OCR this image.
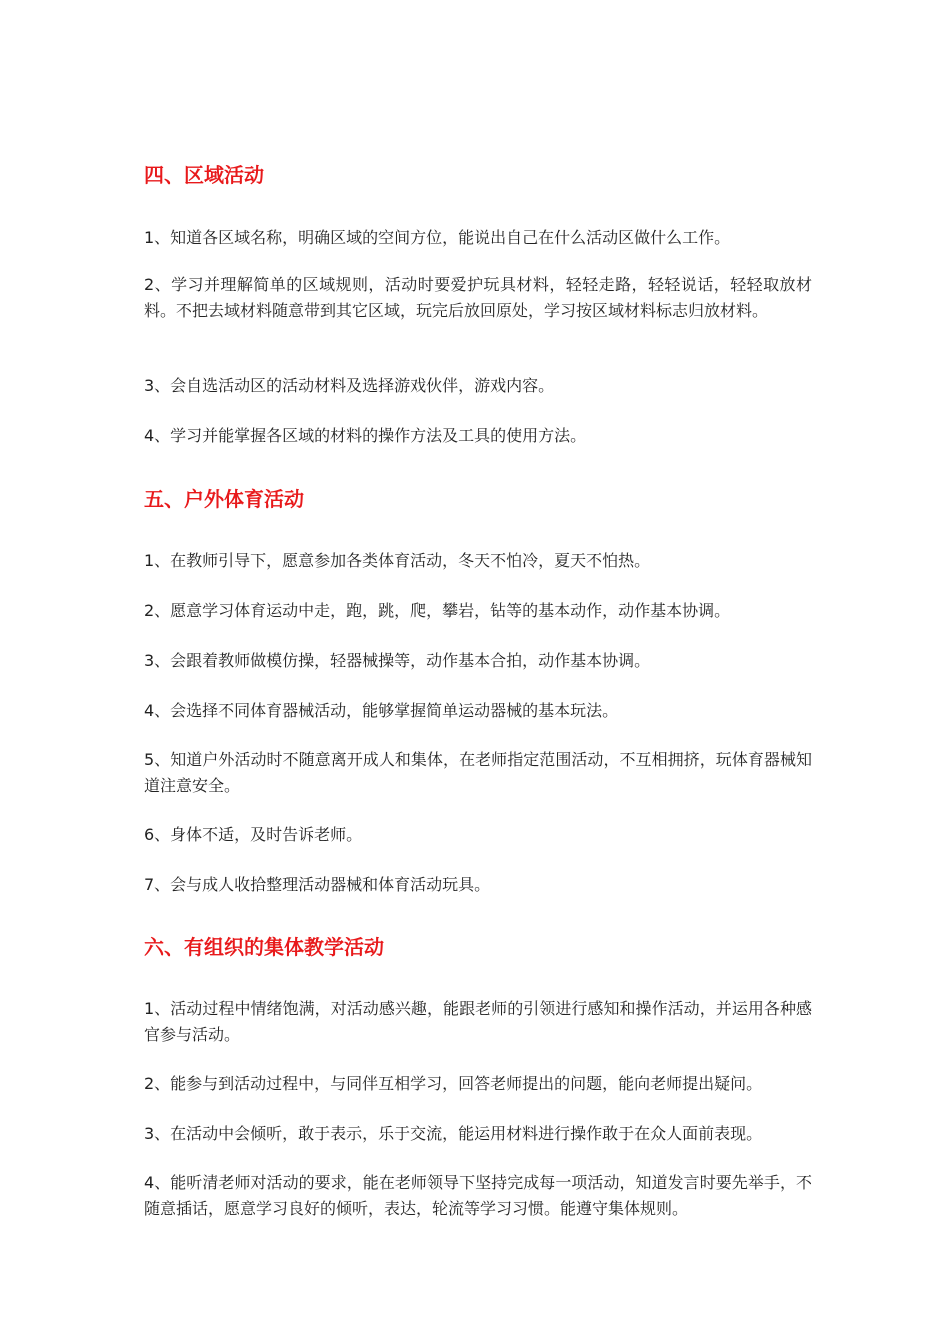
四、区域活动

1、知道各区域名称，明确区域的空间方位，能说出自己在什么活动区做什么工作。

2、学习并理解简单的区域规则，活动时要爱护玩具材料，轻轻走路，轻轻说话，轻轻取放材料。不把去域材料随意带到其它区域，玩完后放回原处，学习按区域材料标志归放材料。

3、会自选活动区的活动材料及选择游戏伙伴，游戏内容。

4、学习并能掌握各区域的材料的操作方法及工具的使用方法。

五、户外体育活动

1、在教师引导下，愿意参加各类体育活动，冬天不怕冷，夏天不怕热。

2、愿意学习体育运动中走，跑，跳，爬，攀岩，钻等的基本动作，动作基本协调。

3、会跟着教师做模仿操，轻器械操等，动作基本合拍，动作基本协调。

4、会选择不同体育器械活动，能够掌握简单运动器械的基本玩法。

5、知道户外活动时不随意离开成人和集体，在老师指定范围活动，不互相拥挤，玩体育器械知道注意安全。

6、身体不适，及时告诉老师。

7、会与成人收拾整理活动器械和体育活动玩具。

六、有组织的集体教学活动

1、活动过程中情绪饱满，对活动感兴趣，能跟老师的引领进行感知和操作活动，并运用各种感官参与活动。

2、能参与到活动过程中，与同伴互相学习，回答老师提出的问题，能向老师提出疑问。

3、在活动中会倾听，敢于表示，乐于交流，能运用材料进行操作敢于在众人面前表现。

4、能听清老师对活动的要求，能在老师领导下坚持完成每一项活动，知道发言时要先举手，不随意插话，愿意学习良好的倾听，表达，轮流等学习习惯。能遵守集体规则。
